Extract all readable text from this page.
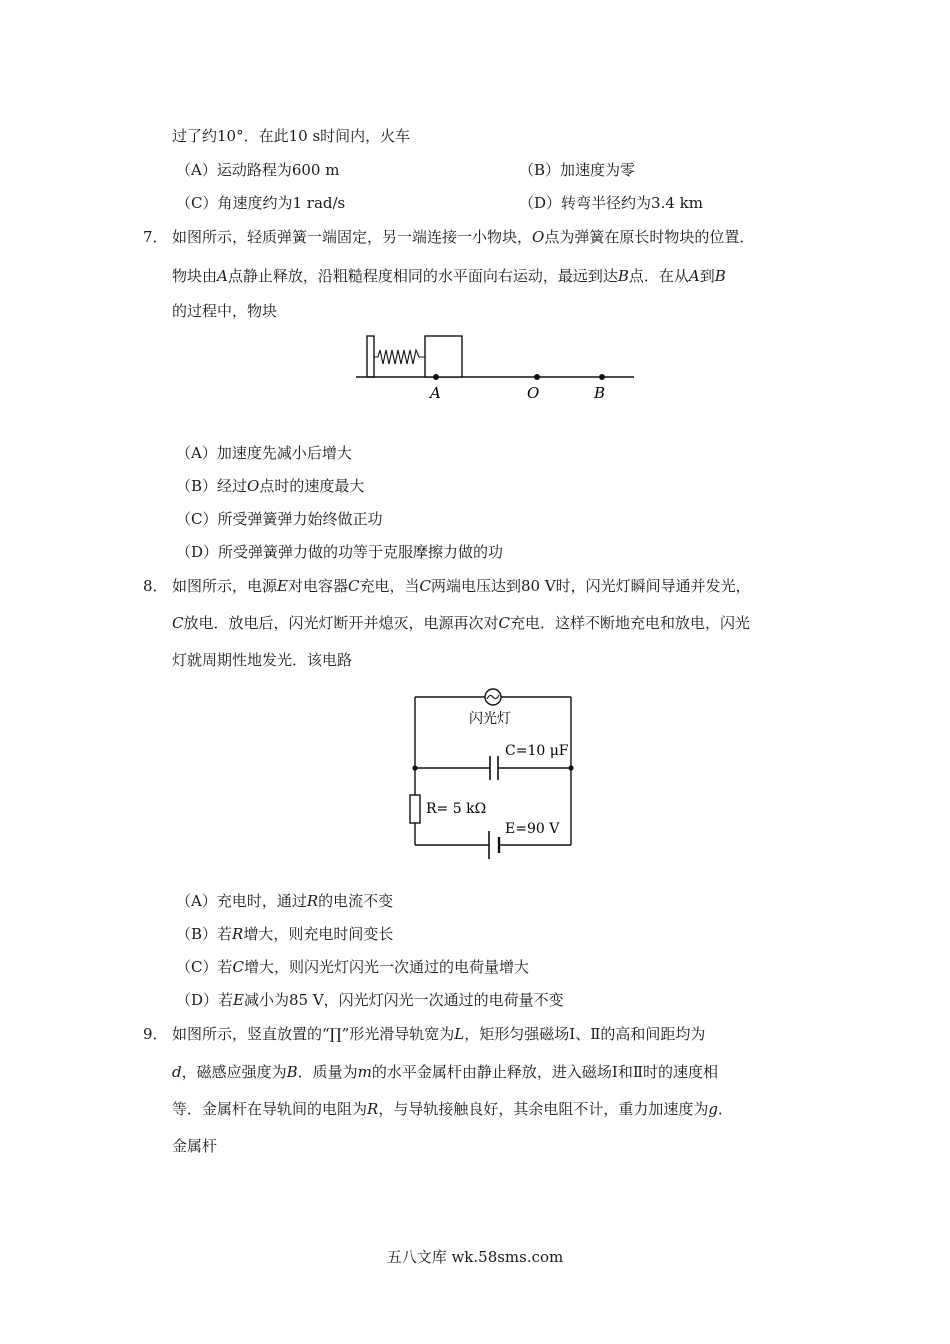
过了约10°．在此10 s时间内，火车
（A）运动路程为600 m	（B）加速度为零
（C）角速度约为1 rad/s	（D）转弯半径约为3.4 km
7． 如图所示，轻质弹簧一端固定，另一端连接一小物块，O点为弹簧在原长时物块的位置．
物块由A点静止释放，沿粗糙程度相同的水平面向右运动，最远到达B点．在从A到B
的过程中，物块
A	O	B
（A）加速度先减小后增大
（B）经过O点时的速度最大
（C）所受弹簧弹力始终做正功
（D）所受弹簧弹力做的功等于克服摩擦力做的功
8． 如图所示，电源E对电容器C充电，当C两端电压达到80 V时，闪光灯瞬间导通并发光，
C放电．放电后，闪光灯断开并熄灭，电源再次对C充电．这样不断地充电和放电，闪光
灯就周期性地发光．该电路
闪光灯
C=10 μF
R= 5 kΩ
E=90 V
（A）充电时，通过R的电流不变
（B）若R增大，则充电时间变长
（C）若C增大，则闪光灯闪光一次通过的电荷量增大
（D）若E减小为85 V，闪光灯闪光一次通过的电荷量不变
9． 如图所示，竖直放置的“∏”形光滑导轨宽为L，矩形匀强磁场Ⅰ、Ⅱ的高和间距均为
d，磁感应强度为B．质量为m的水平金属杆由静止释放，进入磁场Ⅰ和Ⅱ时的速度相
等．金属杆在导轨间的电阻为R，与导轨接触良好，其余电阻不计，重力加速度为g．
金属杆
五八文库 wk.58sms.com
